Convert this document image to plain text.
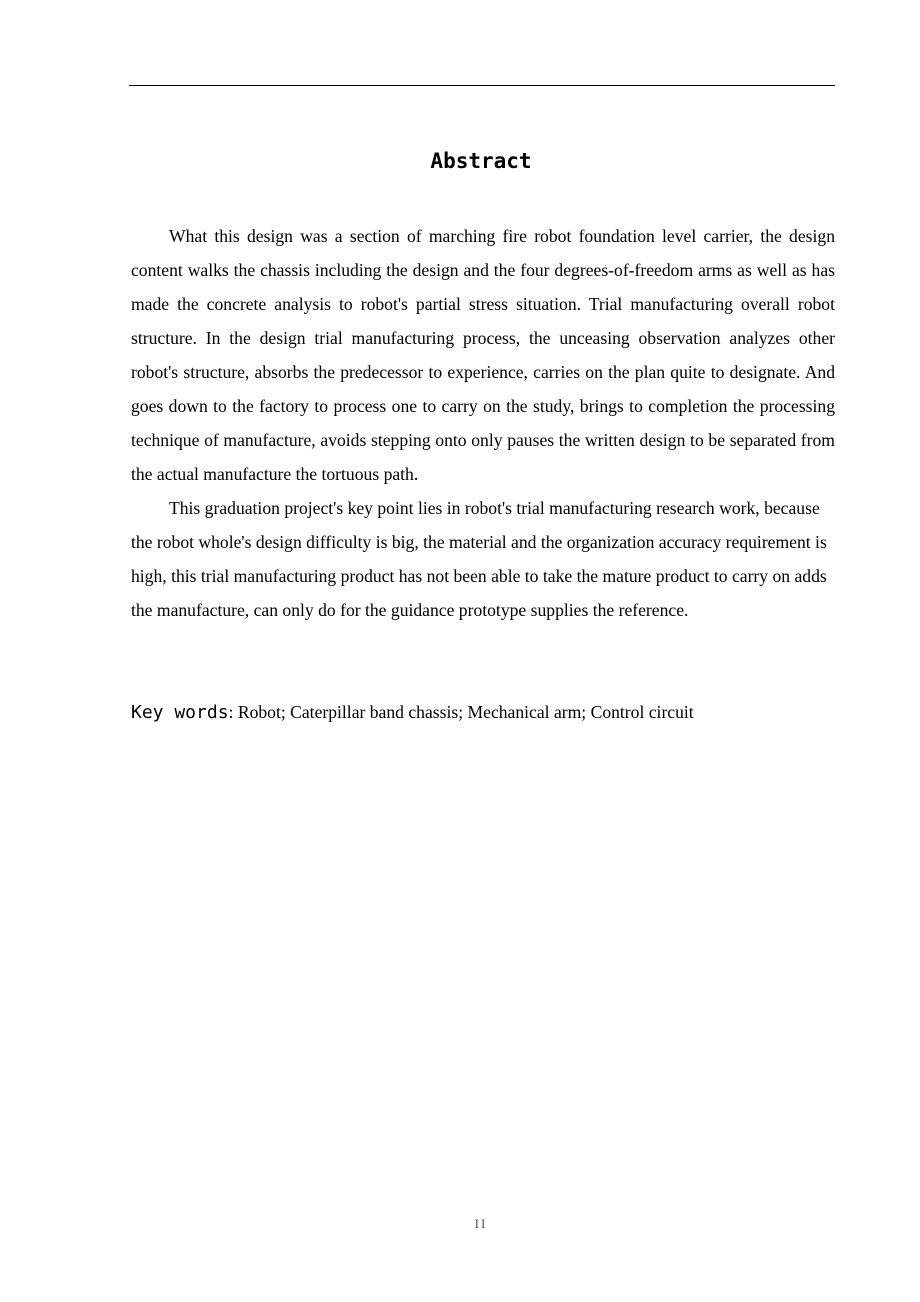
Abstract

What this design was a section of marching fire robot foundation level carrier, the design content walks the chassis including the design and the four degrees-of-freedom arms as well as has made the concrete analysis to robot's partial stress situation. Trial manufacturing overall robot structure. In the design trial manufacturing process, the unceasing observation analyzes other robot's structure, absorbs the predecessor to experience, carries on the plan quite to designate. And goes down to the factory to process one to carry on the study, brings to completion the processing technique of manufacture, avoids stepping onto only pauses the written design to be separated from the actual manufacture the tortuous path.

This graduation project's key point lies in robot's trial manufacturing research work, because the robot whole's design difficulty is big, the material and the organization accuracy requirement is high, this trial manufacturing product has not been able to take the mature product to carry on adds the manufacture, can only do for the guidance prototype supplies the reference.

Key words: Robot; Caterpillar band chassis; Mechanical arm; Control circuit

II
